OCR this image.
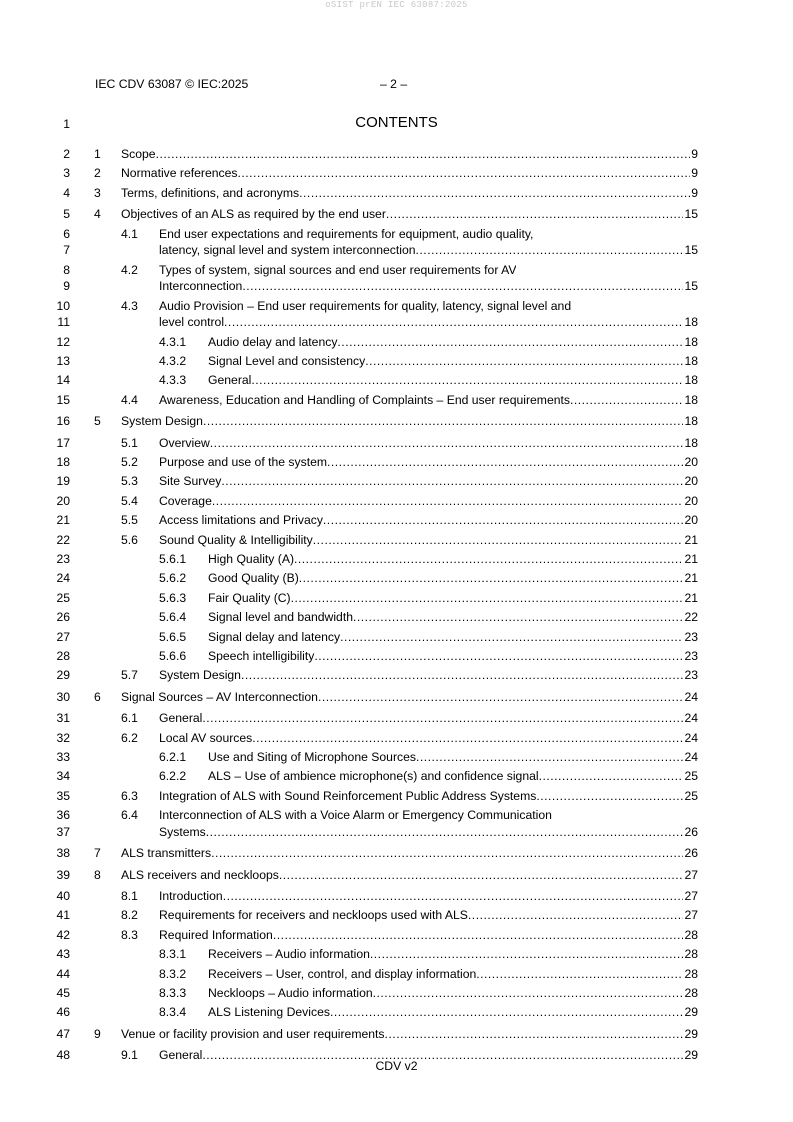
oSIST prEN IEC 63087:2025
IEC CDV 63087 © IEC:2025	– 2 –
1	CONTENTS
2 1 Scope .....	9
3 2 Normative references .....	9
4 3 Terms, definitions, and acronyms .....	9
5 4 Objectives of an ALS as required by the end user .....	15
6
7
4.1 End user expectations and requirements for equipment, audio quality,
latency, signal level and system interconnection .....	15
8
9
4.2 Types of system, signal sources and end user requirements for AV
Interconnection .....	15
10
11
4.3 Audio Provision – End user requirements for quality, latency, signal level and
level control .....	18
12	4.3.1 Audio delay and latency .....	18
13	4.3.2 Signal Level and consistency .....	18
14	4.3.3 General .....	18
15	4.4 Awareness, Education and Handling of Complaints – End user requirements .....	18
16 5 System Design .....	18
17	5.1 Overview .....	18
18	5.2 Purpose and use of the system .....	20
19	5.3 Site Survey .....	20
20	5.4 Coverage .....	20
21	5.5 Access limitations and Privacy .....	20
22	5.6 Sound Quality & Intelligibility .....	21
23	5.6.1 High Quality (A) .....	21
24	5.6.2 Good Quality (B) .....	21
25	5.6.3 Fair Quality (C) .....	21
26	5.6.4 Signal level and bandwidth .....	22
27	5.6.5 Signal delay and latency .....	23
28	5.6.6 Speech intelligibility .....	23
29	5.7 System Design .....	23
30 6 Signal Sources – AV Interconnection .....	24
31	6.1 General .....	24
32	6.2 Local AV sources .....	24
33	6.2.1 Use and Siting of Microphone Sources .....	24
34	6.2.2 ALS – Use of ambience microphone(s) and confidence signal .....	25
35	6.3 Integration of ALS with Sound Reinforcement Public Address Systems .....	25
36
37
6.4 Interconnection of ALS with a Voice Alarm or Emergency Communication
Systems .....	26
38 7 ALS transmitters .....	26
39 8 ALS receivers and neckloops .....	27
40	8.1 Introduction .....	27
41	8.2 Requirements for receivers and neckloops used with ALS .....	27
42	8.3 Required Information .....	28
43	8.3.1 Receivers – Audio information .....	28
44	8.3.2 Receivers – User, control, and display information .....	28
45	8.3.3 Neckloops – Audio information .....	28
46	8.3.4 ALS Listening Devices .....	29
47 9 Venue or facility provision and user requirements .....	29
48	9.1 General .....	29
CDV v2
